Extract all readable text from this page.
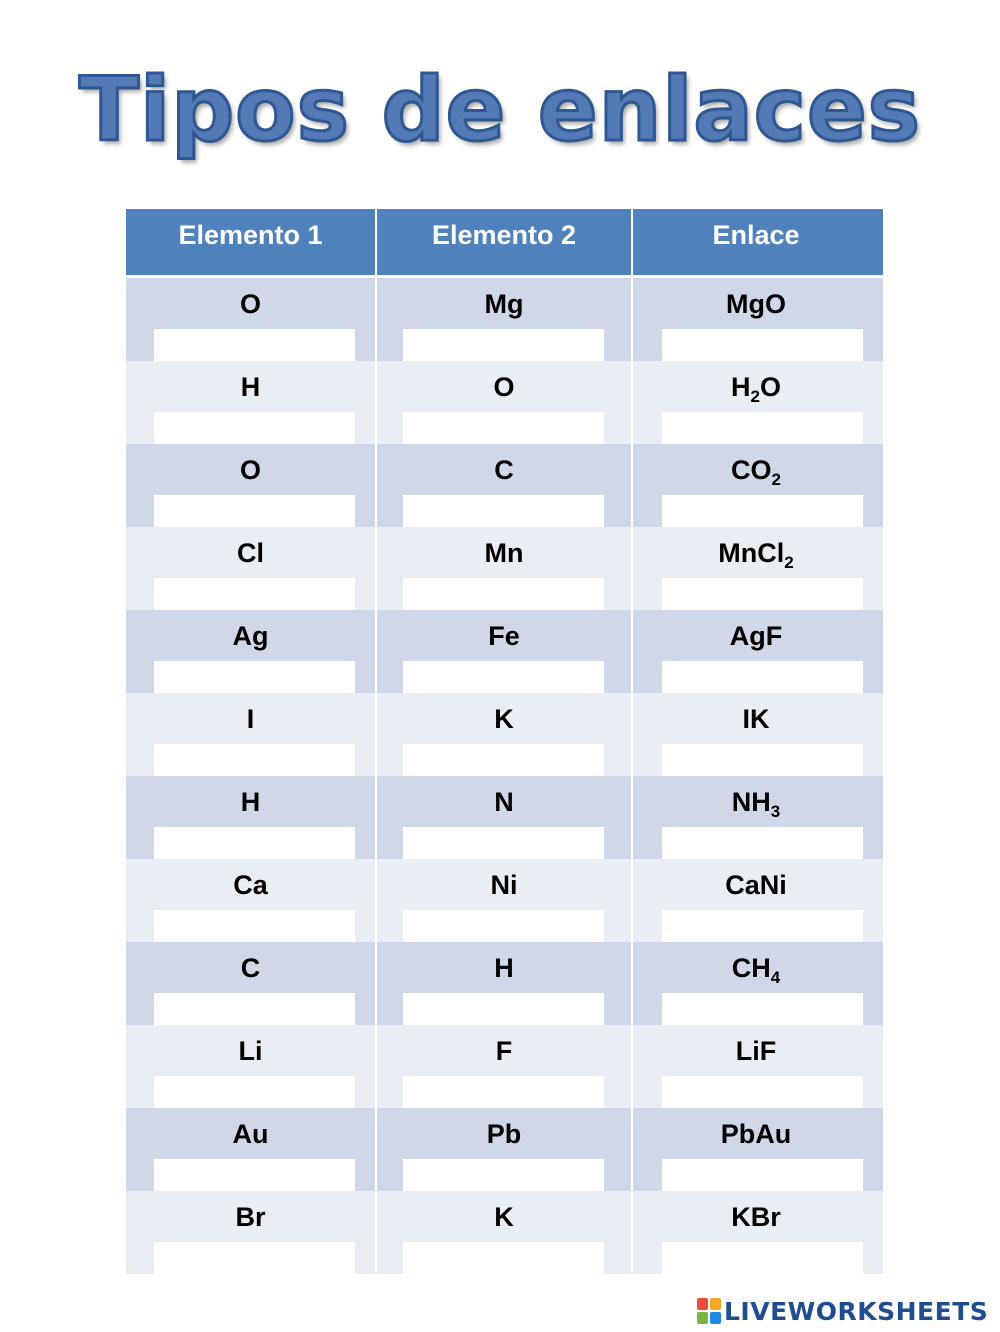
Tipos de enlaces
Elemento 1	Elemento 2	Enlace
O	Mg	MgO
H	O	$H_2O$
O	C	$CO_2$
Cl	Mn	MnCl$_2$
Ag	Fe	AgF
I	K	IK
H	N	$NH_3$
Ca	Ni	CaNi
C	H	$CH_4$
Li	F	LiF
Au	Pb	PbAu
Br	K	KBr
LIVEWORKSHEETS
